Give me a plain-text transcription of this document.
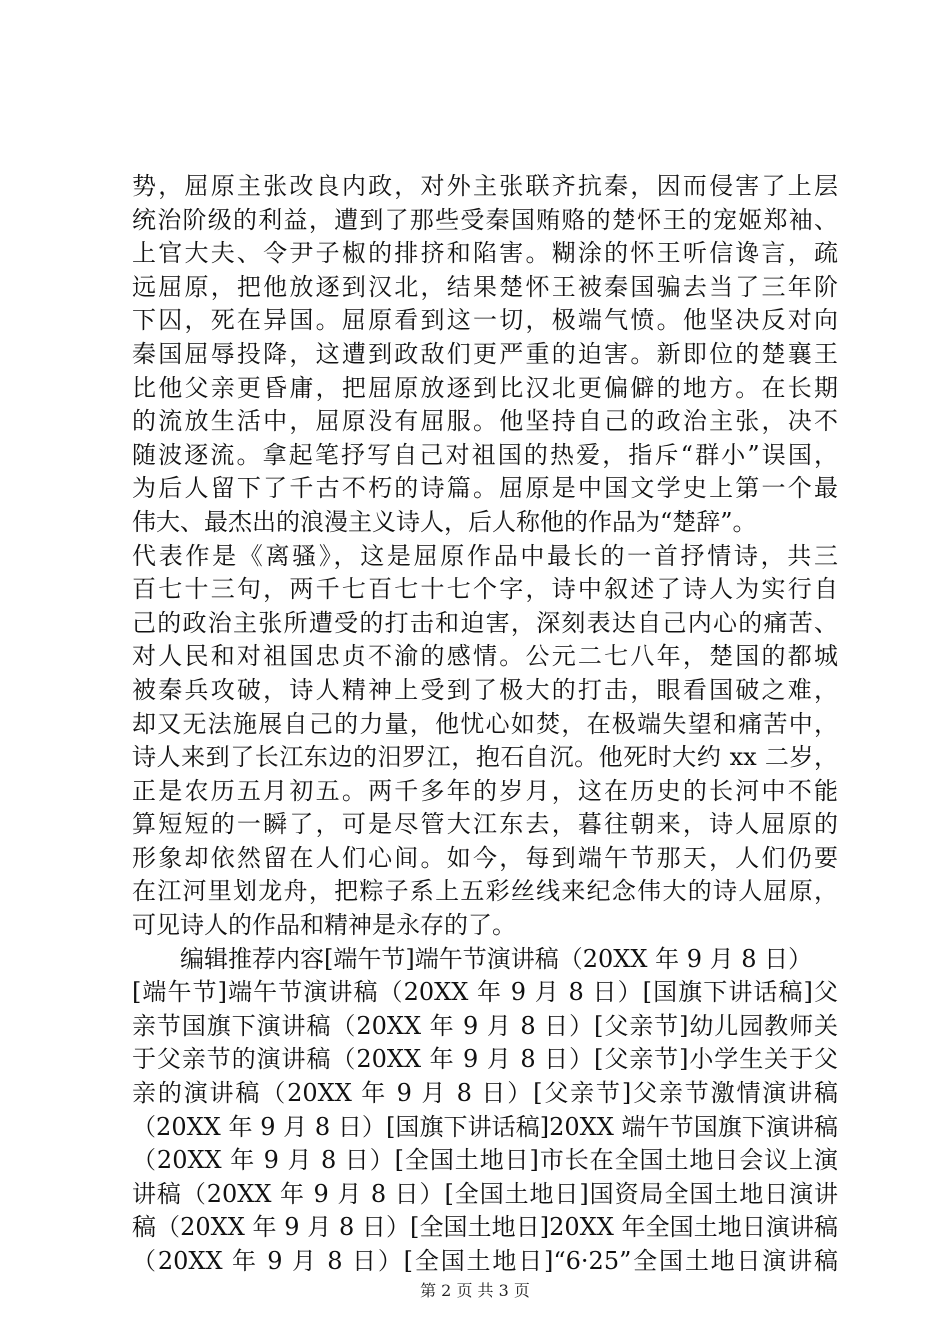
势，屈原主张改良内政，对外主张联齐抗秦，因而侵害了上层
统治阶级的利益，遭到了那些受秦国贿赂的楚怀王的宠姬郑袖、
上官大夫、令尹子椒的排挤和陷害。糊涂的怀王听信谗言，疏
远屈原，把他放逐到汉北，结果楚怀王被秦国骗去当了三年阶
下囚，死在异国。屈原看到这一切，极端气愤。他坚决反对向
秦国屈辱投降，这遭到政敌们更严重的迫害。新即位的楚襄王
比他父亲更昏庸，把屈原放逐到比汉北更偏僻的地方。在长期
的流放生活中，屈原没有屈服。他坚持自己的政治主张，决不
随波逐流。拿起笔抒写自己对祖国的热爱，指斥“群小”误国，
为后人留下了千古不朽的诗篇。屈原是中国文学史上第一个最
伟大、最杰出的浪漫主义诗人，后人称他的作品为“楚辞”。
代表作是《离骚》，这是屈原作品中最长的一首抒情诗，共三
百七十三句，两千七百七十七个字，诗中叙述了诗人为实行自
己的政治主张所遭受的打击和迫害，深刻表达自己内心的痛苦、
对人民和对祖国忠贞不渝的感情。公元二七八年，楚国的都城
被秦兵攻破，诗人精神上受到了极大的打击，眼看国破之难，
却又无法施展自己的力量，他忧心如焚，在极端失望和痛苦中，
诗人来到了长江东边的汨罗江，抱石自沉。他死时大约 xx 二岁，
正是农历五月初五。两千多年的岁月，这在历史的长河中不能
算短短的一瞬了，可是尽管大江东去，暮往朝来，诗人屈原的
形象却依然留在人们心间。如今，每到端午节那天，人们仍要
在江河里划龙舟，把粽子系上五彩丝线来纪念伟大的诗人屈原，
可见诗人的作品和精神是永存的了。
编辑推荐内容[端午节]端午节演讲稿（20XX 年 9 月 8 日）
[端午节]端午节演讲稿（20XX 年 9 月 8 日）[国旗下讲话稿]父
亲节国旗下演讲稿（20XX 年 9 月 8 日）[父亲节]幼儿园教师关
于父亲节的演讲稿（20XX 年 9 月 8 日）[父亲节]小学生关于父
亲的演讲稿（20XX 年 9 月 8 日）[父亲节]父亲节激情演讲稿
（20XX 年 9 月 8 日）[国旗下讲话稿]20XX 端午节国旗下演讲稿
（20XX 年 9 月 8 日）[全国土地日]市长在全国土地日会议上演
讲稿（20XX 年 9 月 8 日）[全国土地日]国资局全国土地日演讲
稿（20XX 年 9 月 8 日）[全国土地日]20XX 年全国土地日演讲稿
（20XX 年 9 月 8 日）[全国土地日]“6·25”全国土地日演讲稿
第 2 页 共 3 页
